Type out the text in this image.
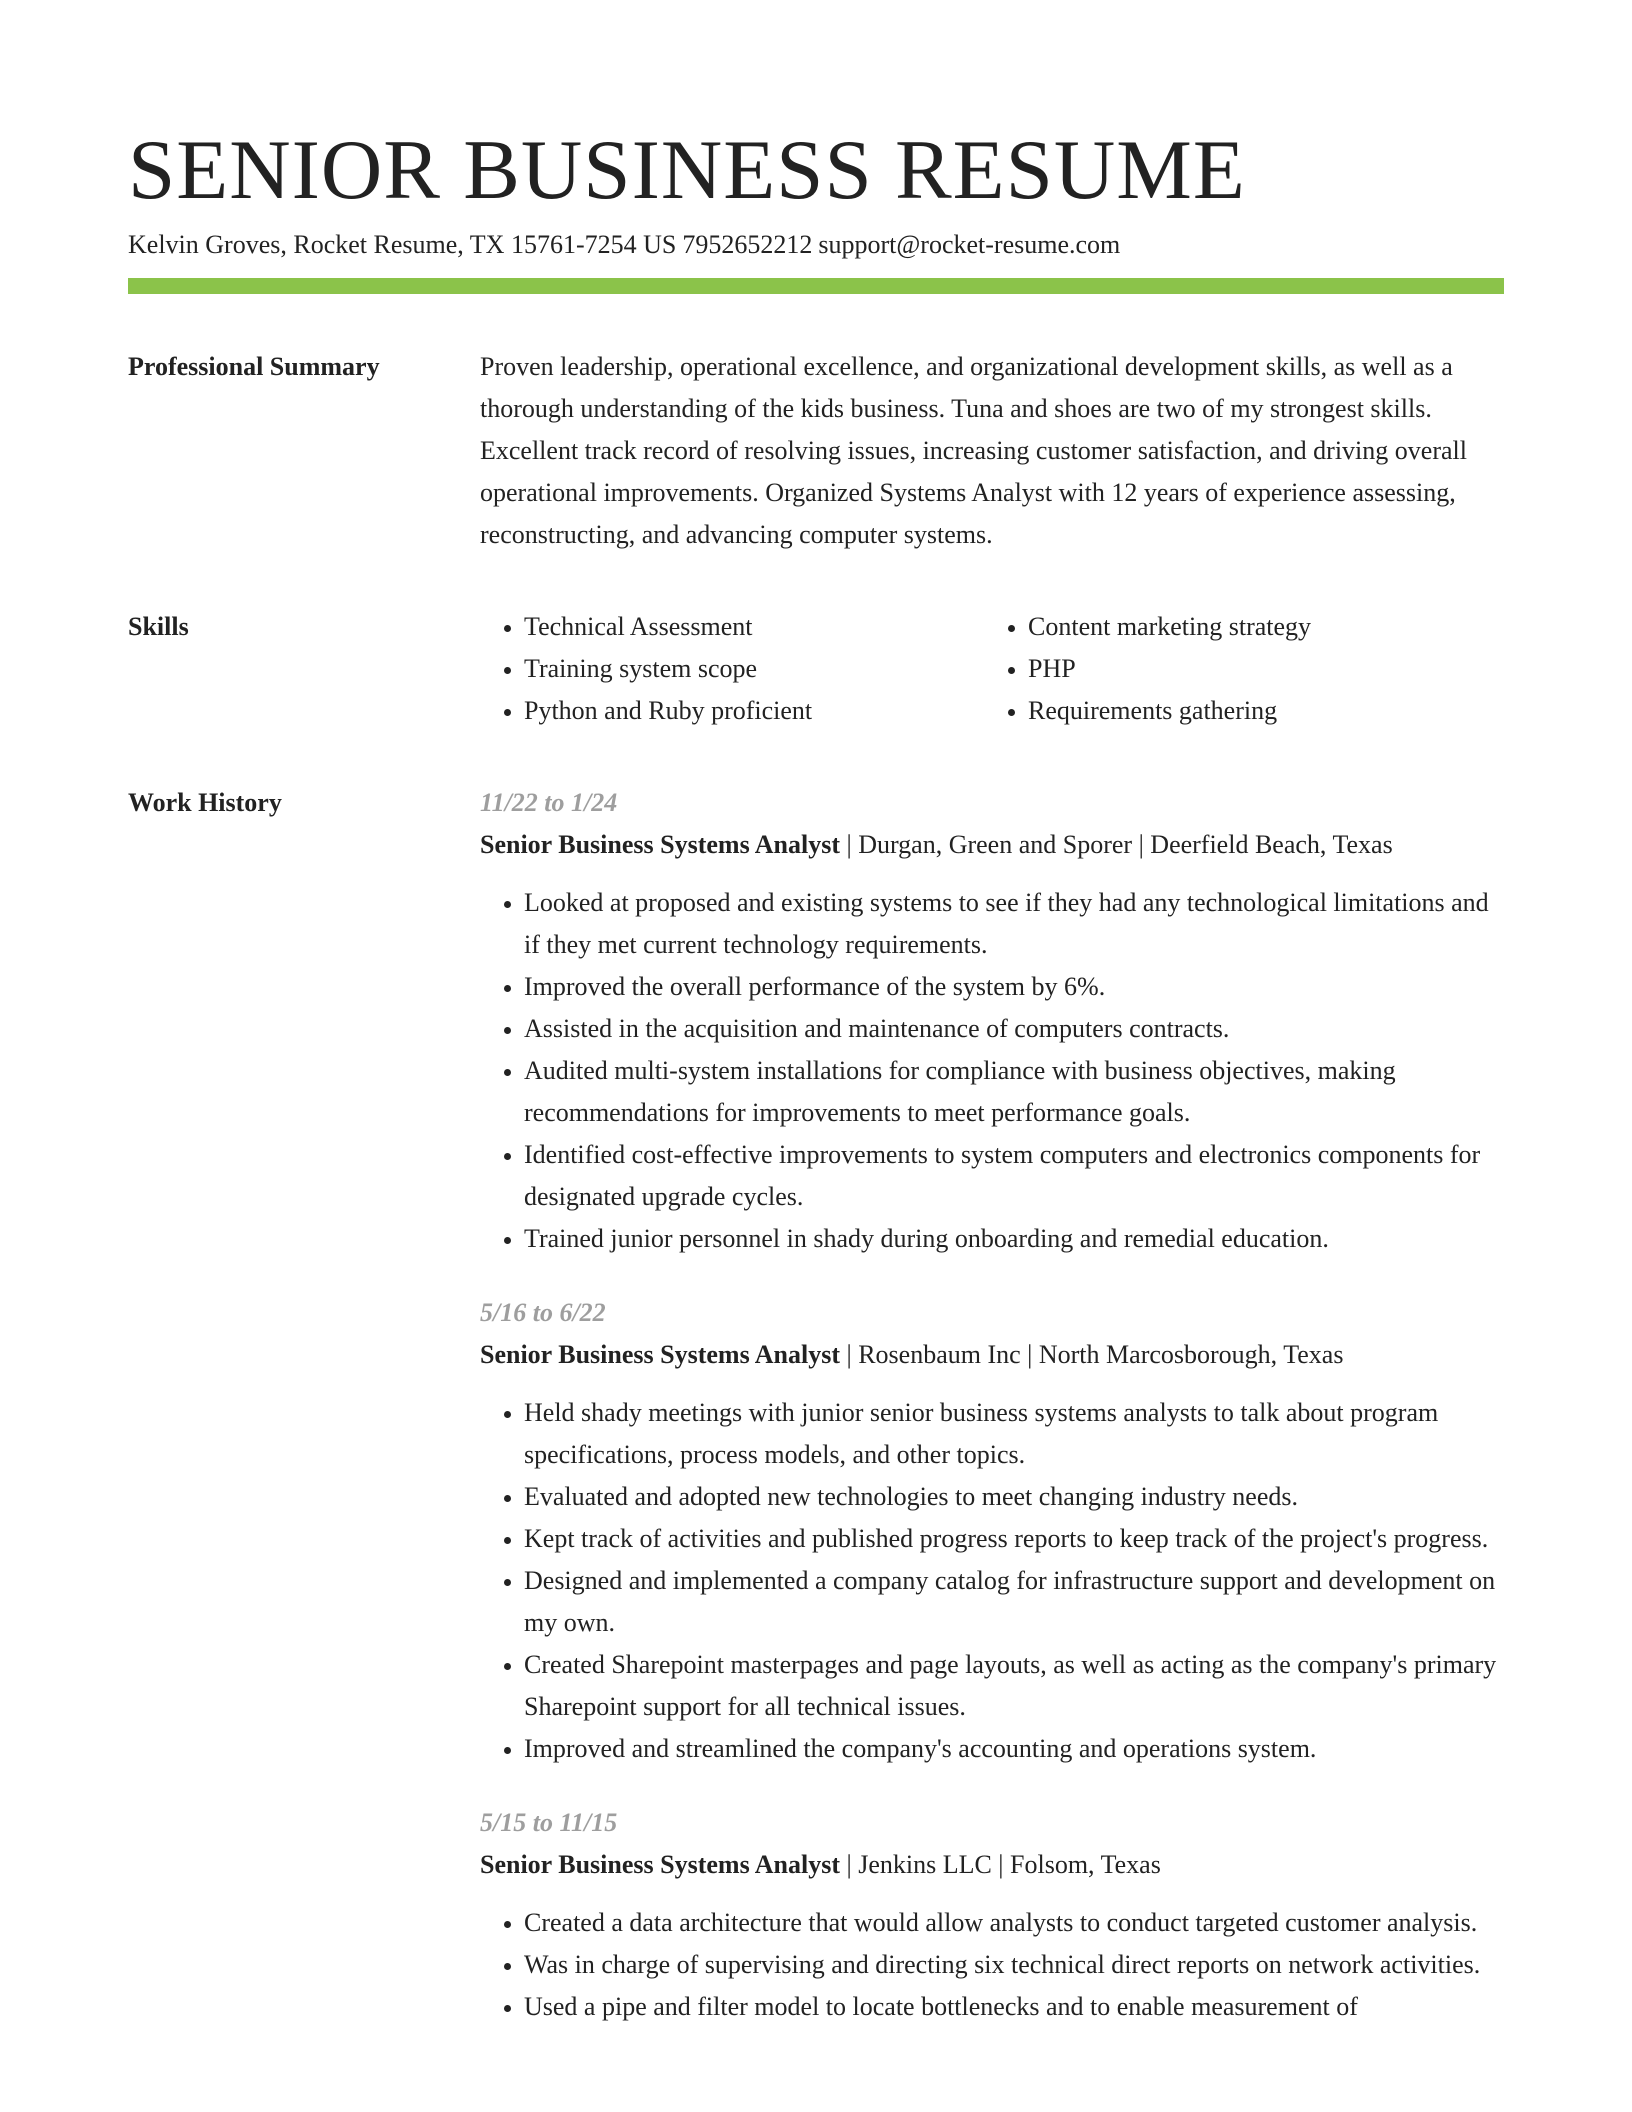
SENIOR BUSINESS RESUME
Kelvin Groves, Rocket Resume, TX 15761-7254 US 7952652212 support@rocket-resume.com
Professional Summary	Proven leadership, operational excellence, and organizational development skills, as well as a thorough understanding of the kids business. Tuna and shoes are two of my strongest skills. Excellent track record of resolving issues, increasing customer satisfaction, and driving overall operational improvements. Organized Systems Analyst with 12 years of experience assessing, reconstructing, and advancing computer systems.

Skills
•	Technical Assessment
• Training system scope
• Python and Ruby proficient
• Content marketing strategy
• PHP
• Requirements gathering
Work History	11/22 to 1/24
Senior Business Systems Analyst | Durgan, Green and Sporer | Deerfield Beach, Texas
• Looked at proposed and existing systems to see if they had any technological limitations and if they met current technology requirements.
• Improved the overall performance of the system by 6%.
• Assisted in the acquisition and maintenance of computers contracts.
• Audited multi-system installations for compliance with business objectives, making recommendations for improvements to meet performance goals.
• Identified cost-effective improvements to system computers and electronics components for designated upgrade cycles.
• Trained junior personnel in shady during onboarding and remedial education.
5/16 to 6/22
Senior Business Systems Analyst | Rosenbaum Inc | North Marcosborough, Texas
• Held shady meetings with junior senior business systems analysts to talk about program specifications, process models, and other topics.
• Evaluated and adopted new technologies to meet changing industry needs.
• Kept track of activities and published progress reports to keep track of the project's progress.
• Designed and implemented a company catalog for infrastructure support and development on my own.
• Created Sharepoint masterpages and page layouts, as well as acting as the company's primary Sharepoint support for all technical issues.
• Improved and streamlined the company's accounting and operations system.
5/15 to 11/15
Senior Business Systems Analyst | Jenkins LLC | Folsom, Texas
• Created a data architecture that would allow analysts to conduct targeted customer analysis.
• Was in charge of supervising and directing six technical direct reports on network activities.
• Used a pipe and filter model to locate bottlenecks and to enable measurement of
